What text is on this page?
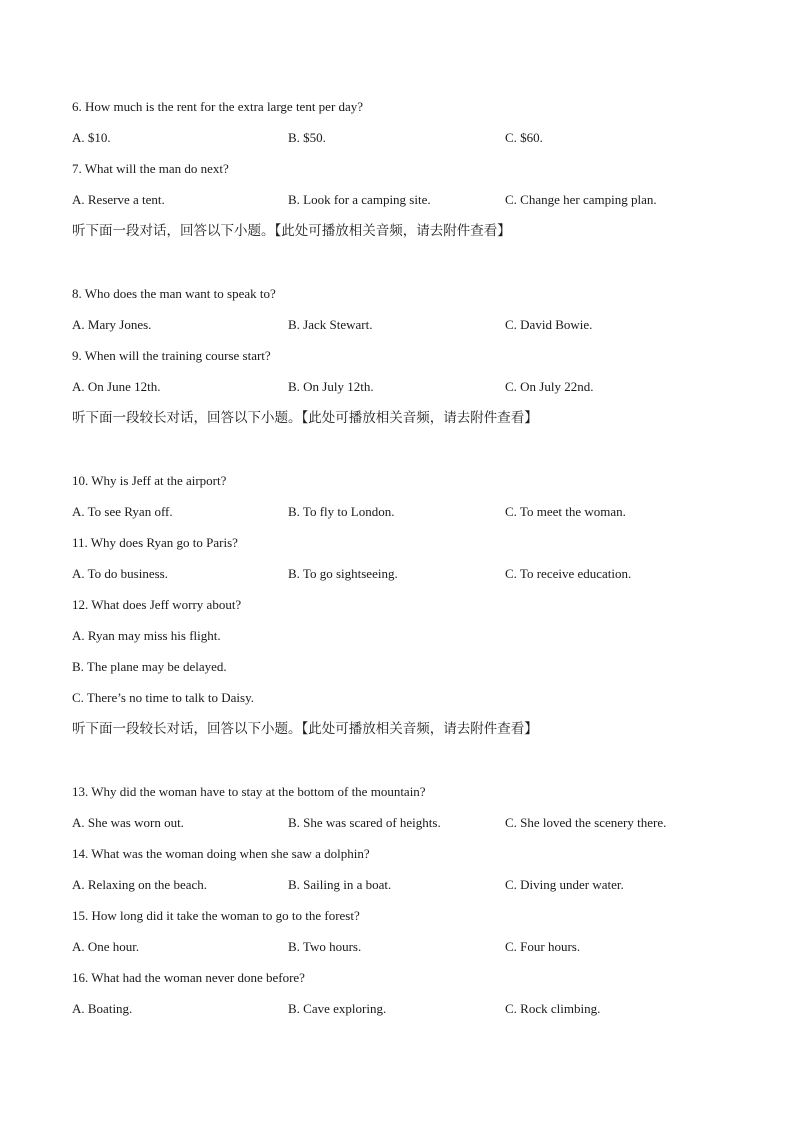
6. How much is the rent for the extra large tent per day?
A. $10.	B. $50.	C. $60.
7. What will the man do next?
A. Reserve a tent.	B. Look for a camping site.	C. Change her camping plan.
听下面一段对话，回答以下小题。【此处可播放相关音频，请去附件查看】
8. Who does the man want to speak to?
A. Mary Jones.	B. Jack Stewart.	C. David Bowie.
9. When will the training course start?
A. On June 12th.	B. On July 12th.	C. On July 22nd.
听下面一段较长对话，回答以下小题。【此处可播放相关音频，请去附件查看】
10. Why is Jeff at the airport?
A. To see Ryan off.	B. To fly to London.	C. To meet the woman.
11. Why does Ryan go to Paris?
A. To do business.	B. To go sightseeing.	C. To receive education.
12. What does Jeff worry about?
A. Ryan may miss his flight.
B. The plane may be delayed.
C. There’s no time to talk to Daisy.
听下面一段较长对话，回答以下小题。【此处可播放相关音频，请去附件查看】
13. Why did the woman have to stay at the bottom of the mountain?
A. She was worn out.	B. She was scared of heights.	C. She loved the scenery there.
14. What was the woman doing when she saw a dolphin?
A. Relaxing on the beach.	B. Sailing in a boat.	C. Diving under water.
15. How long did it take the woman to go to the forest?
A. One hour.	B. Two hours.	C. Four hours.
16. What had the woman never done before?
A. Boating.	B. Cave exploring.	C. Rock climbing.
